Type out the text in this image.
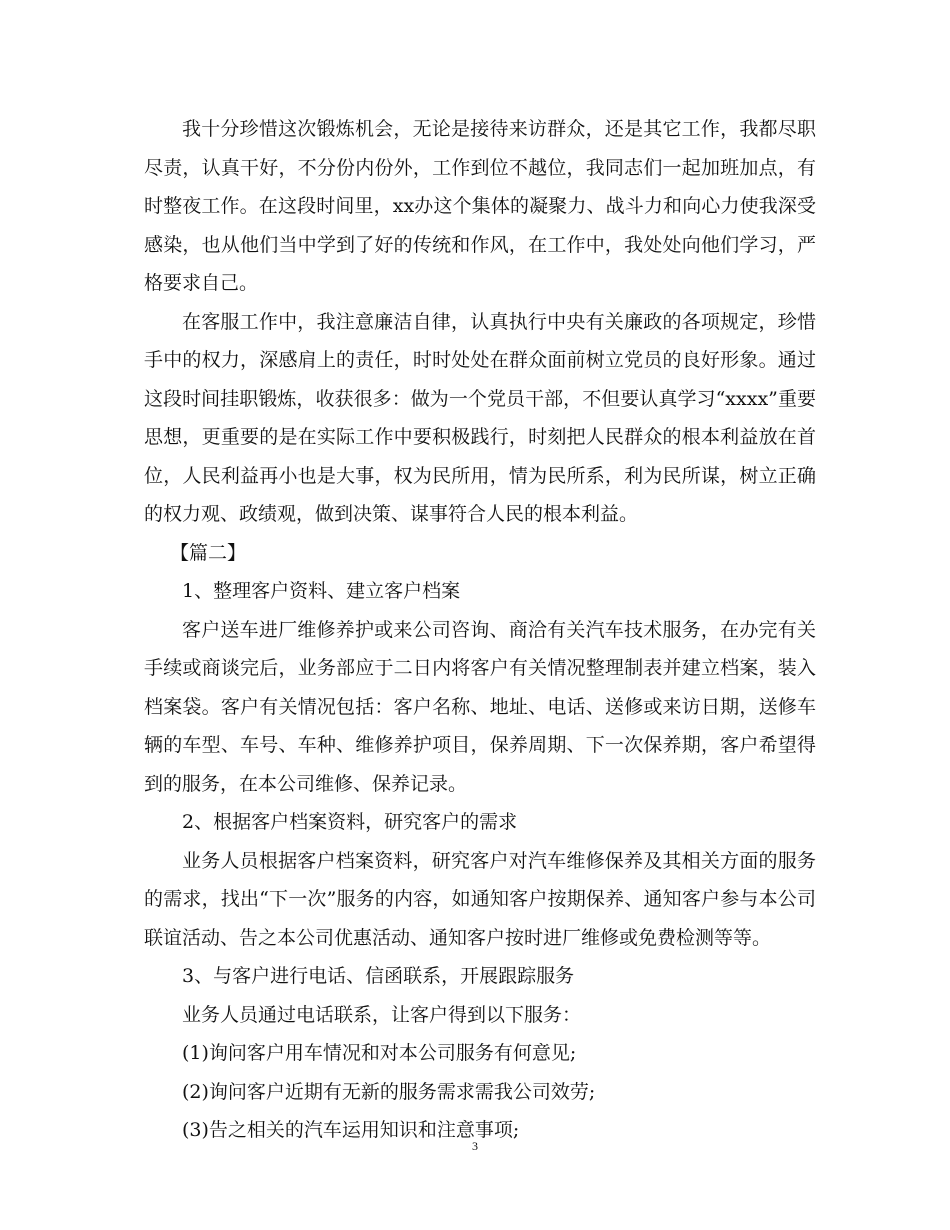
我十分珍惜这次锻炼机会，无论是接待来访群众，还是其它工作，我都尽职尽责，认真干好，不分份内份外，工作到位不越位，我同志们一起加班加点，有时整夜工作。在这段时间里，xx办这个集体的凝聚力、战斗力和向心力使我深受感染，也从他们当中学到了好的传统和作风，在工作中，我处处向他们学习，严格要求自己。

在客服工作中，我注意廉洁自律，认真执行中央有关廉政的各项规定，珍惜手中的权力，深感肩上的责任，时时处处在群众面前树立党员的良好形象。通过这段时间挂职锻炼，收获很多：做为一个党员干部，不但要认真学习“xxxx”重要思想，更重要的是在实际工作中要积极践行，时刻把人民群众的根本利益放在首位，人民利益再小也是大事，权为民所用，情为民所系，利为民所谋，树立正确的权力观、政绩观，做到决策、谋事符合人民的根本利益。

【篇二】

1、整理客户资料、建立客户档案

客户送车进厂维修养护或来公司咨询、商洽有关汽车技术服务，在办完有关手续或商谈完后，业务部应于二日内将客户有关情况整理制表并建立档案，装入档案袋。客户有关情况包括：客户名称、地址、电话、送修或来访日期，送修车辆的车型、车号、车种、维修养护项目，保养周期、下一次保养期，客户希望得到的服务，在本公司维修、保养记录。

2、根据客户档案资料，研究客户的需求

业务人员根据客户档案资料，研究客户对汽车维修保养及其相关方面的服务的需求，找出“下一次”服务的内容，如通知客户按期保养、通知客户参与本公司联谊活动、告之本公司优惠活动、通知客户按时进厂维修或免费检测等等。

3、与客户进行电话、信函联系，开展跟踪服务

业务人员通过电话联系，让客户得到以下服务：

(1)询问客户用车情况和对本公司服务有何意见;

(2)询问客户近期有无新的服务需求需我公司效劳;

(3)告之相关的汽车运用知识和注意事项;

3
